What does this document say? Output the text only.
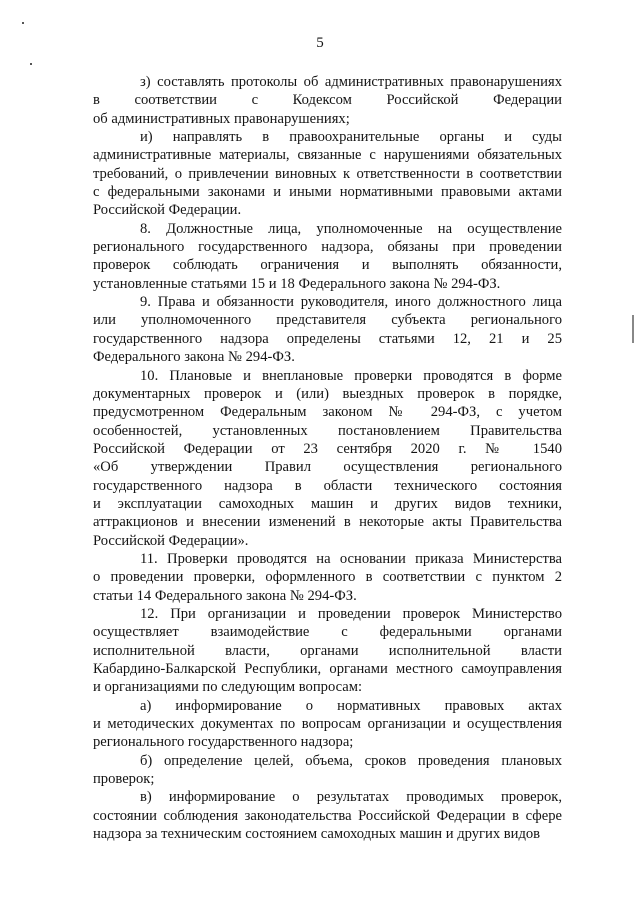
5
з) составлять протоколы об административных правонарушениях
в соответствии с Кодексом Российской Федерации
об административных правонарушениях;
и) направлять в правоохранительные органы и суды
административные материалы, связанные с нарушениями обязательных
требований, о привлечении виновных к ответственности в соответствии
с федеральными законами и иными нормативными правовыми актами
Российской Федерации.
8. Должностные лица, уполномоченные на осуществление
регионального государственного надзора, обязаны при проведении
проверок соблюдать ограничения и выполнять обязанности,
установленные статьями 15 и 18 Федерального закона № 294-ФЗ.
9. Права и обязанности руководителя, иного должностного лица
или уполномоченного представителя субъекта регионального
государственного надзора определены статьями 12, 21 и 25
Федерального закона № 294-ФЗ.
10. Плановые и внеплановые проверки проводятся в форме
документарных проверок и (или) выездных проверок в порядке,
предусмотренном Федеральным законом № 294-ФЗ, с учетом
особенностей, установленных постановлением Правительства
Российской Федерации от 23 сентября 2020 г. № 1540
«Об утверждении Правил осуществления регионального
государственного надзора в области технического состояния
и эксплуатации самоходных машин и других видов техники,
аттракционов и внесении изменений в некоторые акты Правительства
Российской Федерации».
11. Проверки проводятся на основании приказа Министерства
о проведении проверки, оформленного в соответствии с пунктом 2
статьи 14 Федерального закона № 294-ФЗ.
12. При организации и проведении проверок Министерство
осуществляет взаимодействие с федеральными органами
исполнительной власти, органами исполнительной власти
Кабардино-Балкарской Республики, органами местного самоуправления
и организациями по следующим вопросам:
а) информирование о нормативных правовых актах
и методических документах по вопросам организации и осуществления
регионального государственного надзора;
б) определение целей, объема, сроков проведения плановых
проверок;
в) информирование о результатах проводимых проверок,
состоянии соблюдения законодательства Российской Федерации в сфере
надзора за техническим состоянием самоходных машин и других видов
